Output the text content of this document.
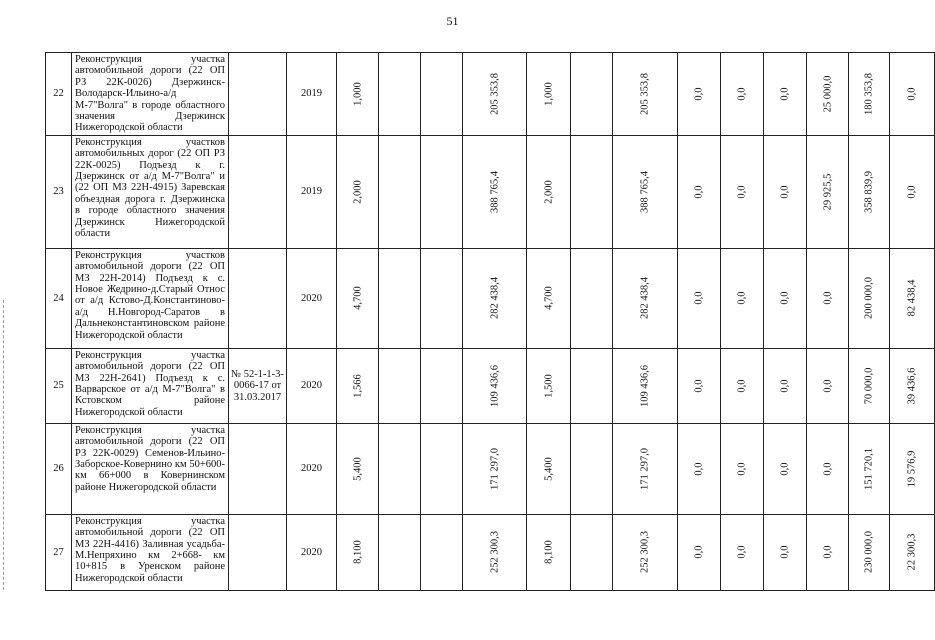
51
22	Реконструкция участка автомобильной дороги (22 ОП РЗ 22К-0026) Дзержинск-Володарск-Ильино-а/д М-7"Волга" в городе областного значения Дзержинск Нижегородской области		2019	1,000			205 353,8	1,000		205 353,8	0,0	0,0	0,0	25 000,0	180 353,8	0,0

23	Реконструкция участков автомобильных дорог (22 ОП РЗ 22К-0025) Подъезд к г. Дзержинск от а/д М-7"Волга" и (22 ОП МЗ 22Н-4915) Заревская объездная дорога г. Дзержинска в городе областного значения Дзержинск Нижегородской области		2019	2,000			388 765,4	2,000		388 765,4	0,0	0,0	0,0	29 925,5	358 839,9	0,0

24	Реконструкция участков автомобильной дороги (22 ОП МЗ 22Н-2014) Подъезд к с. Новое Жедрино-д.Старый Относ от а/д Кстово-Д.Константиново-а/д Н.Новгород-Саратов в Дальнеконстантиновском районе Нижегородской области		2020	4,700			282 438,4	4,700		282 438,4	0,0	0,0	0,0	0,0	200 000,0	82 438,4

25	Реконструкция участка автомобильной дороги (22 ОП МЗ 22Н-2641) Подъезд к с. Варварское от а/д М-7"Волга" в Кстовском районе Нижегородской области	№ 52-1-1-3-0066-17 от 31.03.2017	2020	1,566			109 436,6	1,500		109 436,6	0,0	0,0	0,0	0,0	70 000,0	39 436,6

26	Реконструкция участка автомобильной дороги (22 ОП РЗ 22К-0029) Семенов-Ильино-Заборское-Ковернино км 50+600- км 66+000 в Ковернинском районе Нижегородской области		2020	5,400			171 297,0	5,400		171 297,0	0,0	0,0	0,0	0,0	151 720,1	19 576,9

27	Реконструкция участка автомобильной дороги (22 ОП МЗ 22Н-4416) Заливная усадьба-М.Непряхино км 2+668- км 10+815 в Уренском районе Нижегородской области		2020	8,100			252 300,3	8,100		252 300,3	0,0	0,0	0,0	0,0	230 000,0	22 300,3
